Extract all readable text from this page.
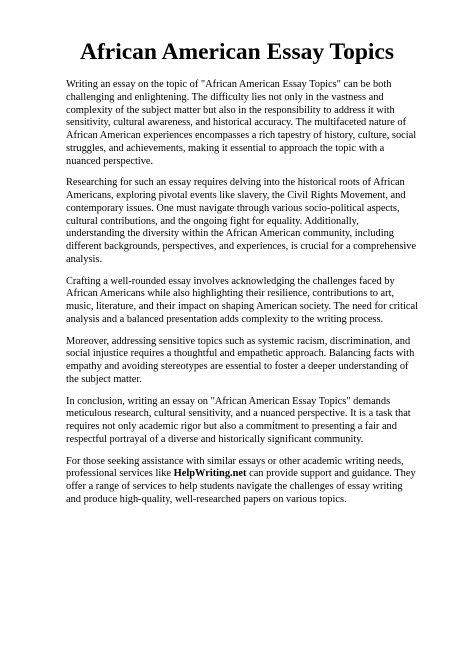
African American Essay Topics

Writing an essay on the topic of "African American Essay Topics" can be both challenging and enlightening. The difficulty lies not only in the vastness and complexity of the subject matter but also in the responsibility to address it with sensitivity, cultural awareness, and historical accuracy. The multifaceted nature of African American experiences encompasses a rich tapestry of history, culture, social struggles, and achievements, making it essential to approach the topic with a nuanced perspective.

Researching for such an essay requires delving into the historical roots of African Americans, exploring pivotal events like slavery, the Civil Rights Movement, and contemporary issues. One must navigate through various socio-political aspects, cultural contributions, and the ongoing fight for equality. Additionally, understanding the diversity within the African American community, including different backgrounds, perspectives, and experiences, is crucial for a comprehensive analysis.

Crafting a well-rounded essay involves acknowledging the challenges faced by African Americans while also highlighting their resilience, contributions to art, music, literature, and their impact on shaping American society. The need for critical analysis and a balanced presentation adds complexity to the writing process.

Moreover, addressing sensitive topics such as systemic racism, discrimination, and social injustice requires a thoughtful and empathetic approach. Balancing facts with empathy and avoiding stereotypes are essential to foster a deeper understanding of the subject matter.

In conclusion, writing an essay on "African American Essay Topics" demands meticulous research, cultural sensitivity, and a nuanced perspective. It is a task that requires not only academic rigor but also a commitment to presenting a fair and respectful portrayal of a diverse and historically significant community.

For those seeking assistance with similar essays or other academic writing needs, professional services like HelpWriting.net can provide support and guidance. They offer a range of services to help students navigate the challenges of essay writing and produce high-quality, well-researched papers on various topics.
